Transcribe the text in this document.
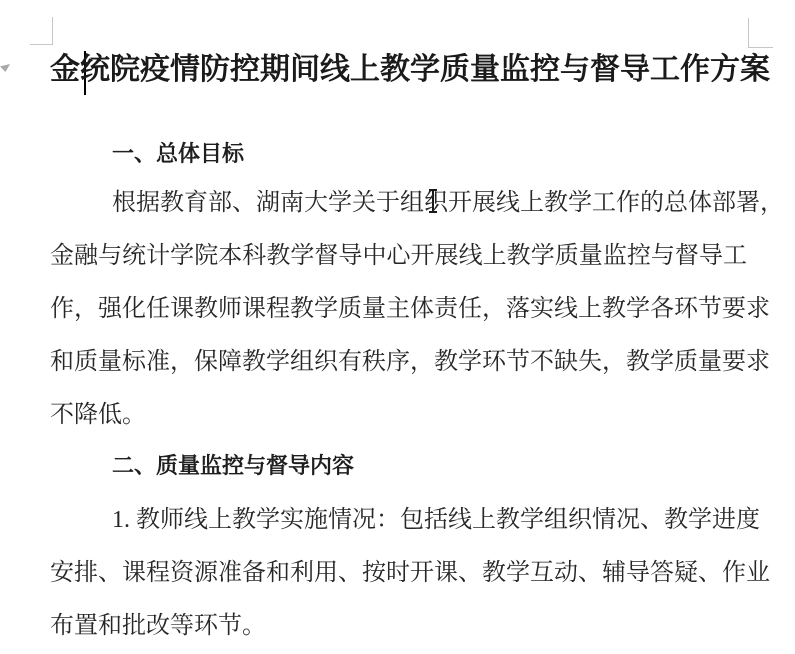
金统院疫情防控期间线上教学质量监控与督导工作方案
一、总体目标
根据教育部、湖南大学关于组织开展线上教学工作的总体部署，
金融与统计学院本科教学督导中心开展线上教学质量监控与督导工
作，强化任课教师课程教学质量主体责任，落实线上教学各环节要求
和质量标准，保障教学组织有秩序，教学环节不缺失，教学质量要求
不降低。
二、质量监控与督导内容
1. 教师线上教学实施情况：包括线上教学组织情况、教学进度
安排、课程资源准备和利用、按时开课、教学互动、辅导答疑、作业
布置和批改等环节。
